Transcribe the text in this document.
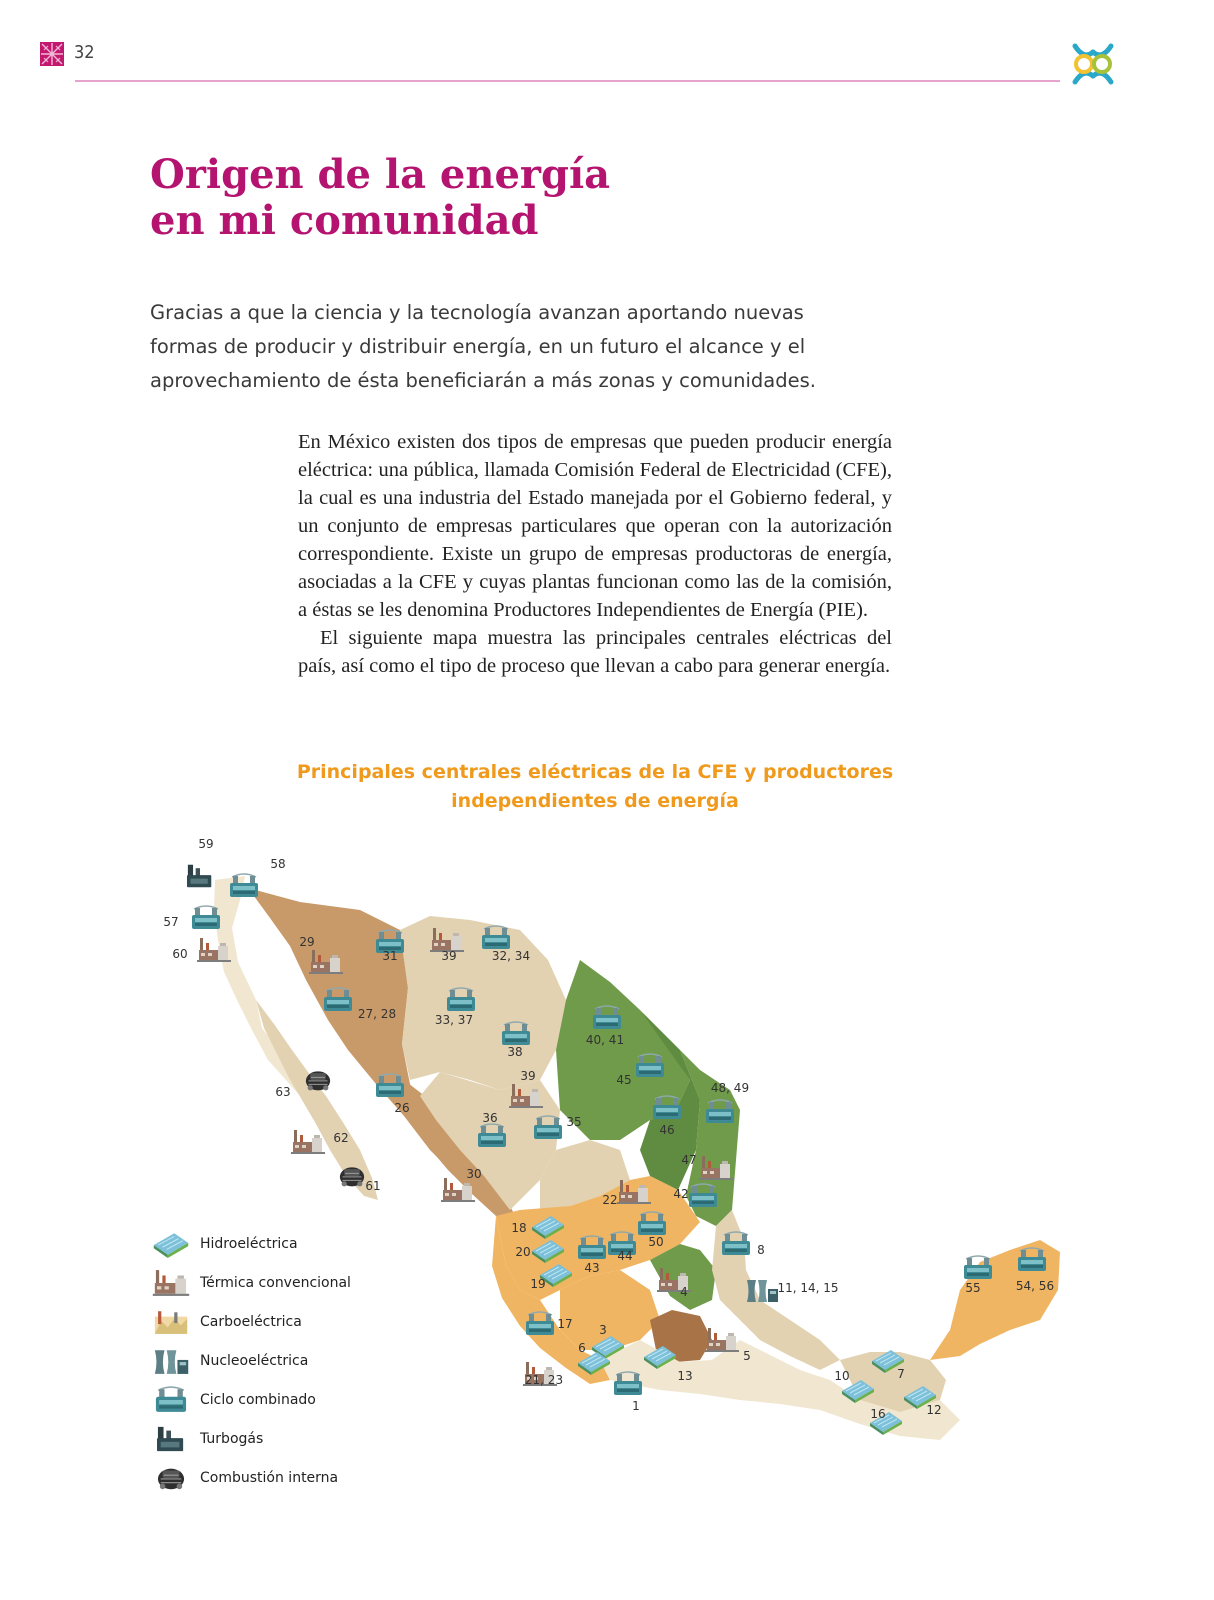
32
Origen de la energía
en mi comunidad

Gracias a que la ciencia y la tecnología avanzan aportando nuevas formas de producir y distribuir energía, en un futuro el alcance y el aprovechamiento de ésta beneficiarán a más zonas y comunidades.

En México existen dos tipos de empresas que pueden producir energía eléctrica: una pública, llamada Comisión Federal de Electricidad (CFE), la cual es una industria del Estado manejada por el Gobierno federal, y un conjunto de empresas particulares que operan con la autorización correspondiente. Existe un grupo de empresas productoras de energía, asociadas a la CFE y cuyas plantas funcionan como las de la comisión, a éstas se les denomina Productores Independientes de Energía (PIE).

El siguiente mapa muestra las principales centrales eléctricas del país, así como el tipo de proceso que llevan a cabo para generar energía.

Principales centrales eléctricas de la CFE y productores
independientes de energía
59
58
57
60
29
31	39	32, 34
27, 28	33, 37
38
40, 41
45
48, 49
63
26
39
36	35
46
62
47
61
30
22	42
18
50
8
20	44
43
19
4	11, 14, 15	55	54, 56
17 3
6
21, 23
5
13	10	7
1
16	12
Hidroeléctrica
Térmica convencional
Carboeléctrica
Nucleoeléctrica
Ciclo combinado
Turbogás
Combustión interna
